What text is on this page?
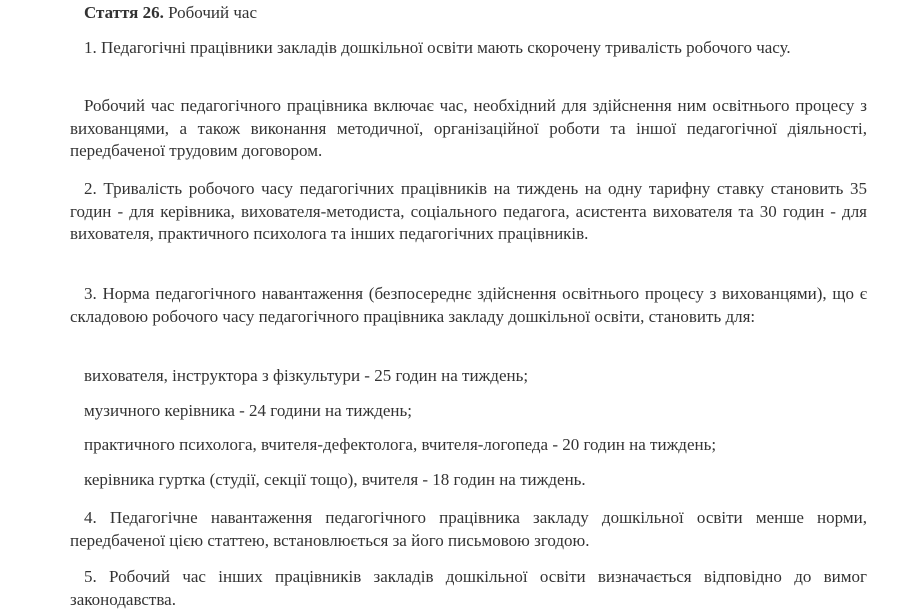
Стаття 26. Робочий час

1. Педагогічні працівники закладів дошкільної освіти мають скорочену тривалість робочого часу.

Робочий час педагогічного працівника включає час, необхідний для здійснення ним освітнього процесу з вихованцями, а також виконання методичної, організаційної роботи та іншої педагогічної діяльності, передбаченої трудовим договором.

2. Тривалість робочого часу педагогічних працівників на тиждень на одну тарифну ставку становить 35 годин - для керівника, вихователя-методиста, соціального педагога, асистента вихователя та 30 годин - для вихователя, практичного психолога та інших педагогічних працівників.

3. Норма педагогічного навантаження (безпосереднє здійснення освітнього процесу з вихованцями), що є складовою робочого часу педагогічного працівника закладу дошкільної освіти, становить для:

вихователя, інструктора з фізкультури - 25 годин на тиждень;

музичного керівника - 24 години на тиждень;

практичного психолога, вчителя-дефектолога, вчителя-логопеда - 20 годин на тиждень;

керівника гуртка (студії, секції тощо), вчителя - 18 годин на тиждень.

4. Педагогічне навантаження педагогічного працівника закладу дошкільної освіти менше норми, передбаченої цією статтею, встановлюється за його письмовою згодою.

5. Робочий час інших працівників закладів дошкільної освіти визначається відповідно до вимог законодавства.
